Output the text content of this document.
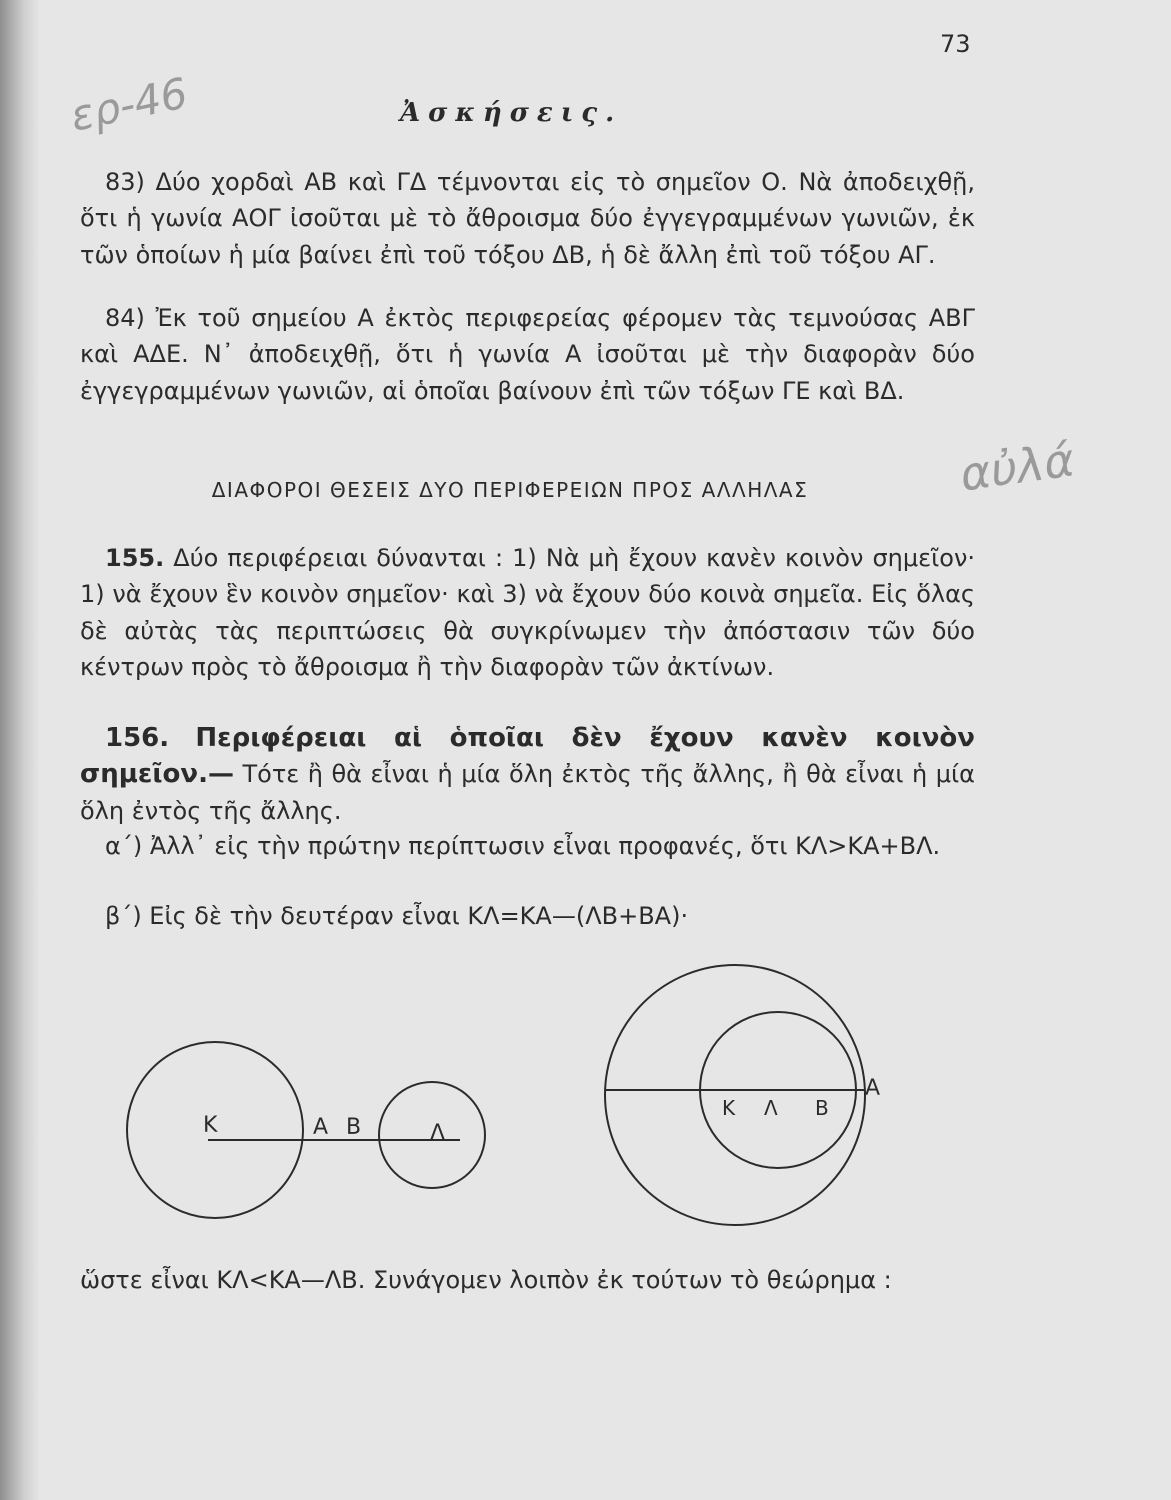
73
Ἀσκήσεις.
ερ-46
αὐλά
83) Δύο χορδαὶ ΑΒ καὶ ΓΔ τέμνονται εἰς τὸ σημεῖον Ο. Νὰ ἀποδειχθῇ, ὅτι ἡ γωνία ΑΟΓ ἰσοῦται μὲ τὸ ἄθροισμα δύο ἐγγεγραμμένων γωνιῶν, ἐκ τῶν ὁποίων ἡ μία βαίνει ἐπὶ τοῦ τόξου ΔΒ, ἡ δὲ ἄλλη ἐπὶ τοῦ τόξου ΑΓ.
84) Ἐκ τοῦ σημείου Α ἐκτὸς περιφερείας φέρομεν τὰς τεμνούσας ΑΒΓ καὶ ΑΔΕ. Ν᾿ ἀποδειχθῇ, ὅτι ἡ γωνία Α ἰσοῦται μὲ τὴν διαφορὰν δύο ἐγγεγραμμένων γωνιῶν, αἱ ὁποῖαι βαίνουν ἐπὶ τῶν τόξων ΓΕ καὶ ΒΔ.
ΔΙΑΦΟΡΟΙ ΘΕΣΕΙΣ ΔΥΟ ΠΕΡΙΦΕΡΕΙΩΝ ΠΡΟΣ ΑΛΛΗΛΑΣ
155. Δύο περιφέρειαι δύνανται : 1) Νὰ μὴ ἔχουν κανὲν κοινὸν σημεῖον· 1) νὰ ἔχουν ἓν κοινὸν σημεῖον· καὶ 3) νὰ ἔχουν δύο κοινὰ σημεῖα. Εἰς ὅλας δὲ αὐτὰς τὰς περιπτώσεις θὰ συγκρίνωμεν τὴν ἀπόστασιν τῶν δύο κέντρων πρὸς τὸ ἄθροισμα ἢ τὴν διαφορὰν τῶν ἀκτίνων.
156. Περιφέρειαι αἱ ὁποῖαι δὲν ἔχουν κανὲν κοινὸν σημεῖον.— Τότε ἢ θὰ εἶναι ἡ μία ὅλη ἐκτὸς τῆς ἄλλης, ἢ θὰ εἶναι ἡ μία ὅλη ἐντὸς τῆς ἄλλης.
α΄) Ἀλλ᾿ εἰς τὴν πρώτην περίπτωσιν εἶναι προφανές, ὅτι ΚΛ>ΚΑ+ΒΛ.
β΄) Εἰς δὲ τὴν δευτέραν εἶναι ΚΛ=ΚΑ—(ΛΒ+ΒΑ)·
Κ	Α Β	Λ
Κ Λ Β
Α
ὥστε εἶναι ΚΛ<ΚΑ—ΛΒ. Συνάγομεν λοιπὸν ἐκ τούτων τὸ θεώρημα :
